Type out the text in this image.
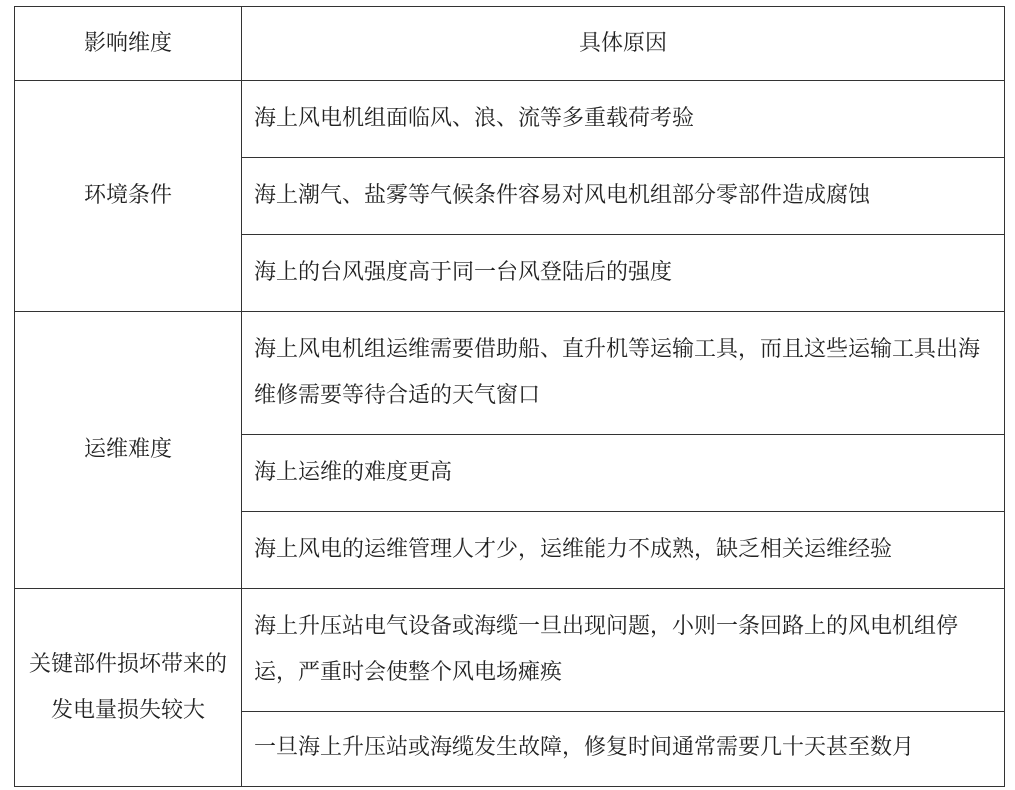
影响维度	具体原因
环境条件	海上风电机组面临风、浪、流等多重载荷考验
	海上潮气、盐雾等气候条件容易对风电机组部分零部件造成腐蚀
	海上的台风强度高于同一台风登陆后的强度
运维难度	海上风电机组运维需要借助船、直升机等运输工具，而且这些运输工具出海维修需要等待合适的天气窗口
	海上运维的难度更高
	海上风电的运维管理人才少，运维能力不成熟，缺乏相关运维经验
关键部件损坏带来的发电量损失较大	海上升压站电气设备或海缆一旦出现问题，小则一条回路上的风电机组停运，严重时会使整个风电场瘫痪
	一旦海上升压站或海缆发生故障，修复时间通常需要几十天甚至数月
